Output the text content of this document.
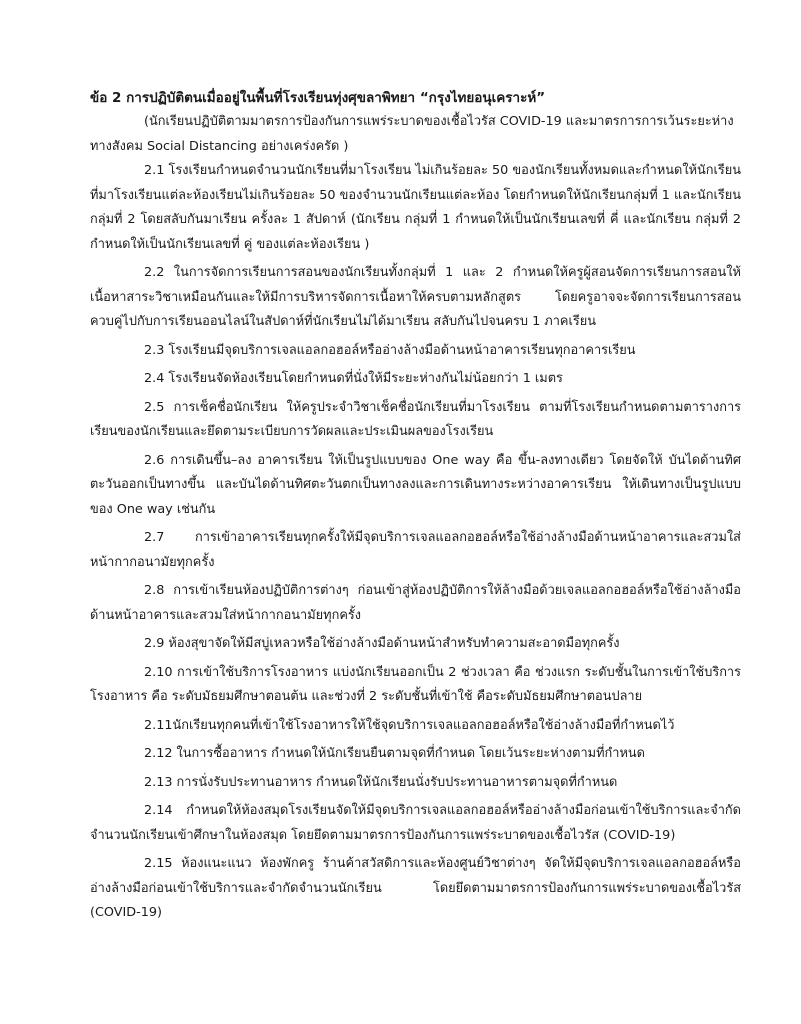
ข้อ 2 การปฏิบัติตนเมื่ออยู่ในพื้นที่โรงเรียนทุ่งศุขลาพิทยา “กรุงไทยอนุเคราะห์”

(นักเรียนปฏิบัติตามมาตรการป้องกันการแพร่ระบาดของเชื้อไวรัส COVID-19 และมาตรการการเว้นระยะห่างทางสังคม Social Distancing อย่างเคร่งครัด )

2.1 โรงเรียนกำหนดจำนวนนักเรียนที่มาโรงเรียน ไม่เกินร้อยละ 50 ของนักเรียนทั้งหมดและกำหนดให้นักเรียนที่มาโรงเรียนแต่ละห้องเรียนไม่เกินร้อยละ 50 ของจำนวนนักเรียนแต่ละห้อง โดยกำหนดให้นักเรียนกลุ่มที่ 1 และนักเรียน กลุ่มที่ 2 โดยสลับกันมาเรียน ครั้งละ 1 สัปดาห์ (นักเรียน กลุ่มที่ 1 กำหนดให้เป็นนักเรียนเลขที่ คี่ และนักเรียน กลุ่มที่ 2 กำหนดให้เป็นนักเรียนเลขที่ คู่ ของแต่ละห้องเรียน )

2.2 ในการจัดการเรียนการสอนของนักเรียนทั้งกลุ่มที่ 1 และ 2 กำหนดให้ครูผู้สอนจัดการเรียนการสอนให้เนื้อหาสาระวิชาเหมือนกันและให้มีการบริหารจัดการเนื้อหาให้ครบตามหลักสูตร โดยครูอาจจะจัดการเรียนการสอนควบคู่ไปกับการเรียนออนไลน์ในสัปดาห์ที่นักเรียนไม่ได้มาเรียน สลับกันไปจนครบ 1 ภาคเรียน

2.3 โรงเรียนมีจุดบริการเจลแอลกอฮอล์หรืออ่างล้างมือด้านหน้าอาคารเรียนทุกอาคารเรียน

2.4 โรงเรียนจัดห้องเรียนโดยกำหนดที่นั่งให้มีระยะห่างกันไม่น้อยกว่า 1 เมตร

2.5 การเช็คชื่อนักเรียน ให้ครูประจำวิชาเช็คชื่อนักเรียนที่มาโรงเรียน ตามที่โรงเรียนกำหนดตามตารางการเรียนของนักเรียนและยึดตามระเบียบการวัดผลและประเมินผลของโรงเรียน

2.6 การเดินขึ้น–ลง อาคารเรียน ให้เป็นรูปแบบของ One way คือ ขึ้น-ลงทางเดียว โดยจัดให้ บันไดด้านทิศตะวันออกเป็นทางขึ้น และบันไดด้านทิศตะวันตกเป็นทางลงและการเดินทางระหว่างอาคารเรียน ให้เดินทางเป็นรูปแบบของ One way เช่นกัน

2.7 การเข้าอาคารเรียนทุกครั้งให้มีจุดบริการเจลแอลกอฮอล์หรือใช้อ่างล้างมือด้านหน้าอาคารและสวมใส่หน้ากากอนามัยทุกครั้ง

2.8 การเข้าเรียนห้องปฏิบัติการต่างๆ ก่อนเข้าสู่ห้องปฏิบัติการให้ล้างมือด้วยเจลแอลกอฮอล์หรือใช้อ่างล้างมือด้านหน้าอาคารและสวมใส่หน้ากากอนามัยทุกครั้ง

2.9 ห้องสุขาจัดให้มีสบู่เหลวหรือใช้อ่างล้างมือด้านหน้าสำหรับทำความสะอาดมือทุกครั้ง

2.10 การเข้าใช้บริการโรงอาหาร แบ่งนักเรียนออกเป็น 2 ช่วงเวลา คือ ช่วงแรก ระดับชั้นในการเข้าใช้บริการโรงอาหาร คือ ระดับมัธยมศึกษาตอนต้น และช่วงที่ 2 ระดับชั้นที่เข้าใช้ คือระดับมัธยมศึกษาตอนปลาย

2.11นักเรียนทุกคนที่เข้าใช้โรงอาหารให้ใช้จุดบริการเจลแอลกอฮอล์หรือใช้อ่างล้างมือที่กำหนดไว้

2.12 ในการซื้ออาหาร กำหนดให้นักเรียนยืนตามจุดที่กำหนด โดยเว้นระยะห่างตามที่กำหนด

2.13 การนั่งรับประทานอาหาร กำหนดให้นักเรียนนั่งรับประทานอาหารตามจุดที่กำหนด

2.14 กำหนดให้ห้องสมุดโรงเรียนจัดให้มีจุดบริการเจลแอลกอฮอล์หรืออ่างล้างมือก่อนเข้าใช้บริการและจำกัดจำนวนนักเรียนเข้าศึกษาในห้องสมุด โดยยึดตามมาตรการป้องกันการแพร่ระบาดของเชื้อไวรัส (COVID-19)

2.15 ห้องแนะแนว ห้องพักครู ร้านค้าสวัสดิการและห้องศูนย์วิชาต่างๆ จัดให้มีจุดบริการเจลแอลกอฮอล์หรืออ่างล้างมือก่อนเข้าใช้บริการและจำกัดจำนวนนักเรียน โดยยึดตามมาตรการป้องกันการแพร่ระบาดของเชื้อไวรัส (COVID-19)
